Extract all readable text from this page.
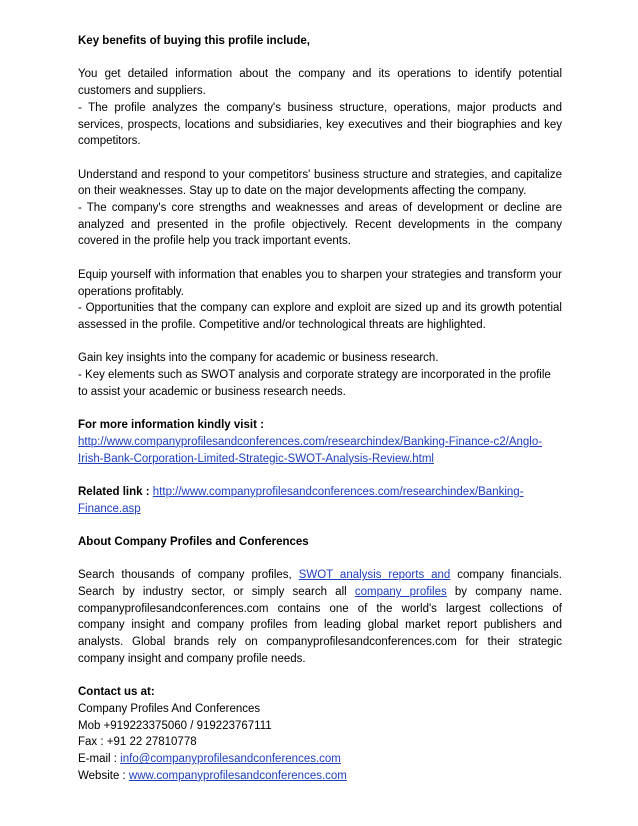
Key benefits of buying this profile include,

You get detailed information about the company and its operations to identify potential customers and suppliers.

- The profile analyzes the company's business structure, operations, major products and services, prospects, locations and subsidiaries, key executives and their biographies and key competitors.

Understand and respond to your competitors' business structure and strategies, and capitalize on their weaknesses. Stay up to date on the major developments affecting the company.

- The company's core strengths and weaknesses and areas of development or decline are analyzed and presented in the profile objectively. Recent developments in the company covered in the profile help you track important events.

Equip yourself with information that enables you to sharpen your strategies and transform your operations profitably.

- Opportunities that the company can explore and exploit are sized up and its growth potential assessed in the profile. Competitive and/or technological threats are highlighted.

Gain key insights into the company for academic or business research.

- Key elements such as SWOT analysis and corporate strategy are incorporated in the profile to assist your academic or business research needs.

For more information kindly visit :

http://www.companyprofilesandconferences.com/researchindex/Banking-Finance-c2/Anglo-
Irish-Bank-Corporation-Limited-Strategic-SWOT-Analysis-Review.html

Related link : http://www.companyprofilesandconferences.com/researchindex/Banking-
Finance.asp

About Company Profiles and Conferences

Search thousands of company profiles, SWOT analysis reports and company financials. Search by industry sector, or simply search all company profiles by company name. companyprofilesandconferences.com contains one of the world's largest collections of company insight and company profiles from leading global market report publishers and analysts. Global brands rely on companyprofilesandconferences.com for their strategic company insight and company profile needs.

Contact us at:

Company Profiles And Conferences

Mob +919223375060 / 919223767111

Fax : +91 22 27810778

E-mail : info@companyprofilesandconferences.com

Website : www.companyprofilesandconferences.com
